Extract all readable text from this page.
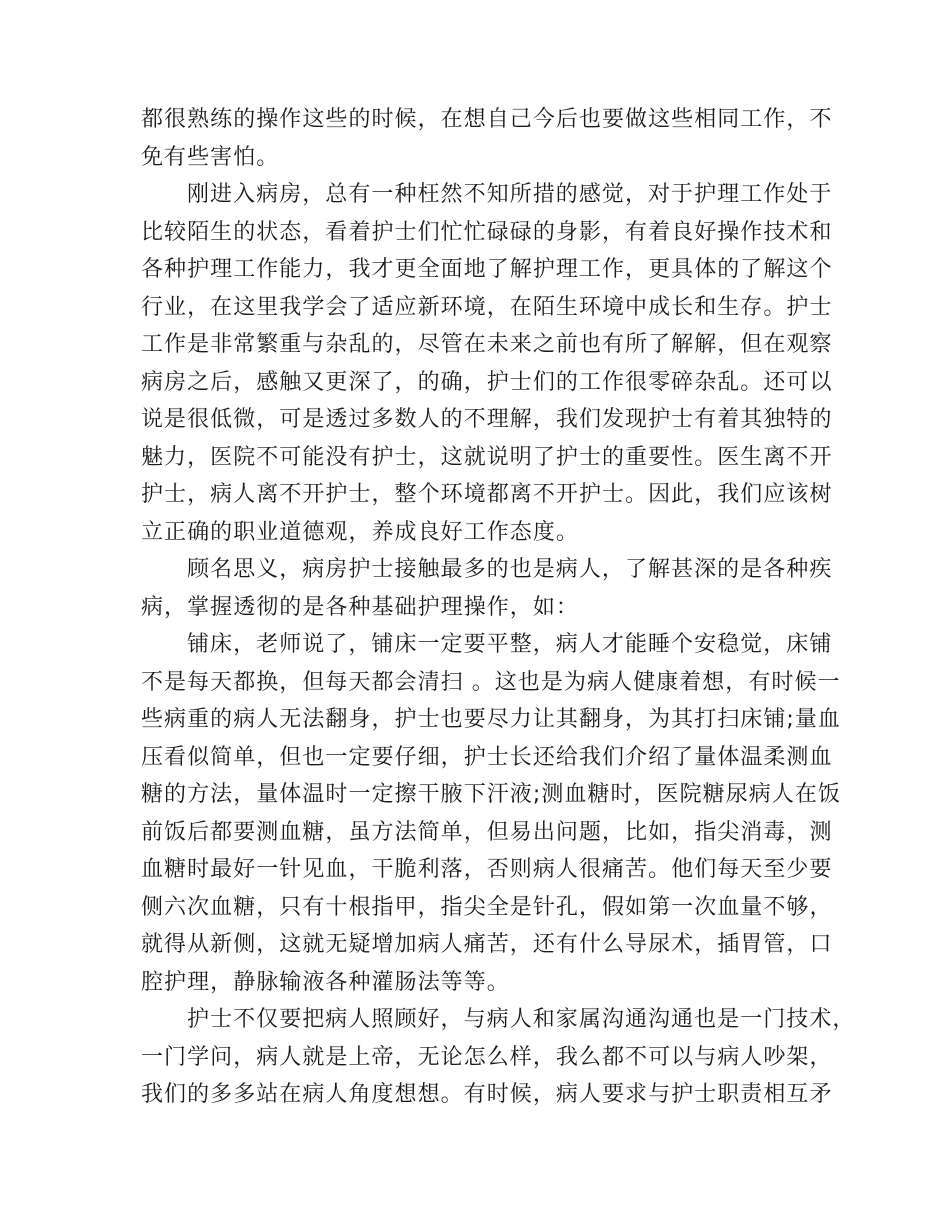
都很熟练的操作这些的时候，在想自己今后也要做这些相同工作，不
免有些害怕。

刚进入病房，总有一种枉然不知所措的感觉，对于护理工作处于
比较陌生的状态，看着护士们忙忙碌碌的身影，有着良好操作技术和
各种护理工作能力，我才更全面地了解护理工作，更具体的了解这个
行业，在这里我学会了适应新环境，在陌生环境中成长和生存。护士
工作是非常繁重与杂乱的，尽管在未来之前也有所了解解，但在观察
病房之后，感触又更深了，的确，护士们的工作很零碎杂乱。还可以
说是很低微，可是透过多数人的不理解，我们发现护士有着其独特的
魅力，医院不可能没有护士，这就说明了护士的重要性。医生离不开
护士，病人离不开护士，整个环境都离不开护士。因此，我们应该树
立正确的职业道德观，养成良好工作态度。

顾名思义，病房护士接触最多的也是病人，了解甚深的是各种疾
病，掌握透彻的是各种基础护理操作，如：

铺床，老师说了，铺床一定要平整，病人才能睡个安稳觉，床铺
不是每天都换，但每天都会清扫 。这也是为病人健康着想，有时候一
些病重的病人无法翻身，护士也要尽力让其翻身，为其打扫床铺;量血
压看似简单，但也一定要仔细，护士长还给我们介绍了量体温柔测血
糖的方法，量体温时一定擦干腋下汗液;测血糖时，医院糖尿病人在饭
前饭后都要测血糖，虽方法简单，但易出问题，比如，指尖消毒，测
血糖时最好一针见血，干脆利落，否则病人很痛苦。他们每天至少要
侧六次血糖，只有十根指甲，指尖全是针孔，假如第一次血量不够，
就得从新侧，这就无疑增加病人痛苦，还有什么导尿术，插胃管，口
腔护理，静脉输液各种灌肠法等等。

护士不仅要把病人照顾好，与病人和家属沟通沟通也是一门技术，
一门学问，病人就是上帝，无论怎么样，我么都不可以与病人吵架，
我们的多多站在病人角度想想。有时候，病人要求与护士职责相互矛
